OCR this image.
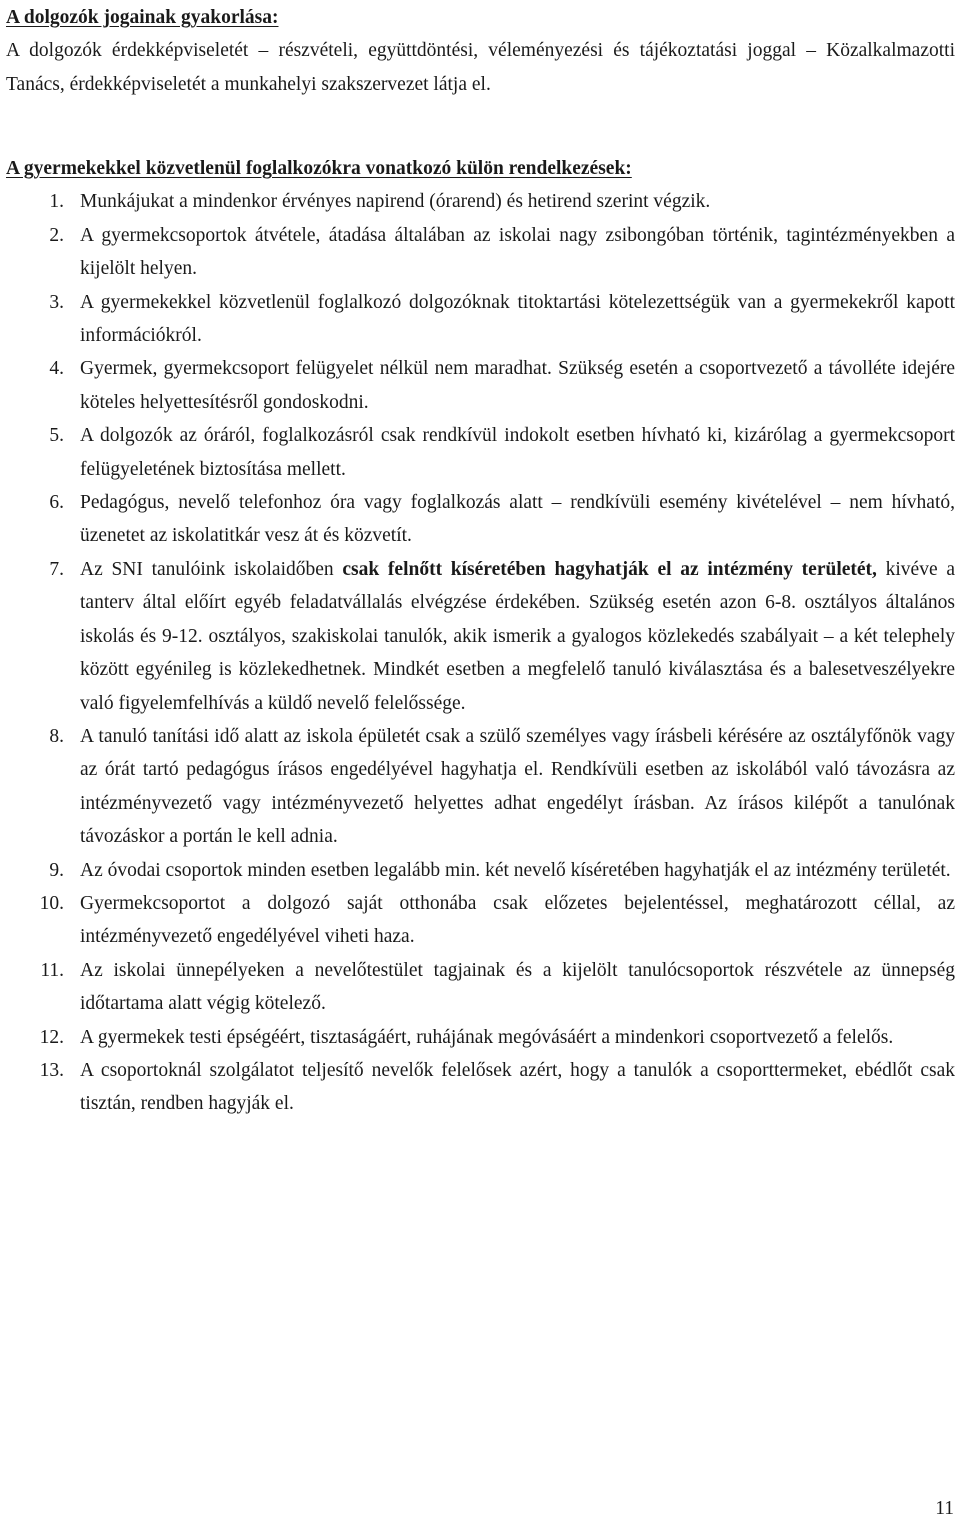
A dolgozók jogainak gyakorlása:

A dolgozók érdekképviseletét – részvételi, együttdöntési, véleményezési és tájékoztatási joggal – Közalkalmazotti Tanács, érdekképviseletét a munkahelyi szakszervezet látja el.

A gyermekekkel közvetlenül foglalkozókra vonatkozó külön rendelkezések:

1. Munkájukat a mindenkor érvényes napirend (órarend) és hetirend szerint végzik.
2. A gyermekcsoportok átvétele, átadása általában az iskolai nagy zsibongóban történik, tagintézményekben a kijelölt helyen.
3. A gyermekekkel közvetlenül foglalkozó dolgozóknak titoktartási kötelezettségük van a gyermekekről kapott információkról.
4. Gyermek, gyermekcsoport felügyelet nélkül nem maradhat. Szükség esetén a csoportvezető a távolléte idejére köteles helyettesítésről gondoskodni.
5. A dolgozók az óráról, foglalkozásról csak rendkívül indokolt esetben hívható ki, kizárólag a gyermekcsoport felügyeletének biztosítása mellett.
6. Pedagógus, nevelő telefonhoz óra vagy foglalkozás alatt – rendkívüli esemény kivételével – nem hívható, üzenetet az iskolatitkár vesz át és közvetít.
7. Az SNI tanulóink iskolaidőben csak felnőtt kíséretében hagyhatják el az intézmény területét, kivéve a tanterv által előírt egyéb feladatvállalás elvégzése érdekében. Szükség esetén azon 6-8. osztályos általános iskolás és 9-12. osztályos, szakiskolai tanulók, akik ismerik a gyalogos közlekedés szabályait – a két telephely között egyénileg is közlekedhetnek. Mindkét esetben a megfelelő tanuló kiválasztása és a balesetveszélyekre való figyelemfelhívás a küldő nevelő felelőssége.
8. A tanuló tanítási idő alatt az iskola épületét csak a szülő személyes vagy írásbeli kérésére az osztályfőnök vagy az órát tartó pedagógus írásos engedélyével hagyhatja el. Rendkívüli esetben az iskolából való távozásra az intézményvezető vagy intézményvezető helyettes adhat engedélyt írásban. Az írásos kilépőt a tanulónak távozáskor a portán le kell adnia.
9. Az óvodai csoportok minden esetben legalább min. két nevelő kíséretében hagyhatják el az intézmény területét.
10. Gyermekcsoportot a dolgozó saját otthonába csak előzetes bejelentéssel, meghatározott céllal, az intézményvezető engedélyével viheti haza.
11. Az iskolai ünnepélyeken a nevelőtestület tagjainak és a kijelölt tanulócsoportok részvétele az ünnepség időtartama alatt végig kötelező.
12. A gyermekek testi épségéért, tisztaságáért, ruhájának megóvásáért a mindenkori csoportvezető a felelős.
13. A csoportoknál szolgálatot teljesítő nevelők felelősek azért, hogy a tanulók a csoporttermeket, ebédlőt csak tisztán, rendben hagyják el.
11
